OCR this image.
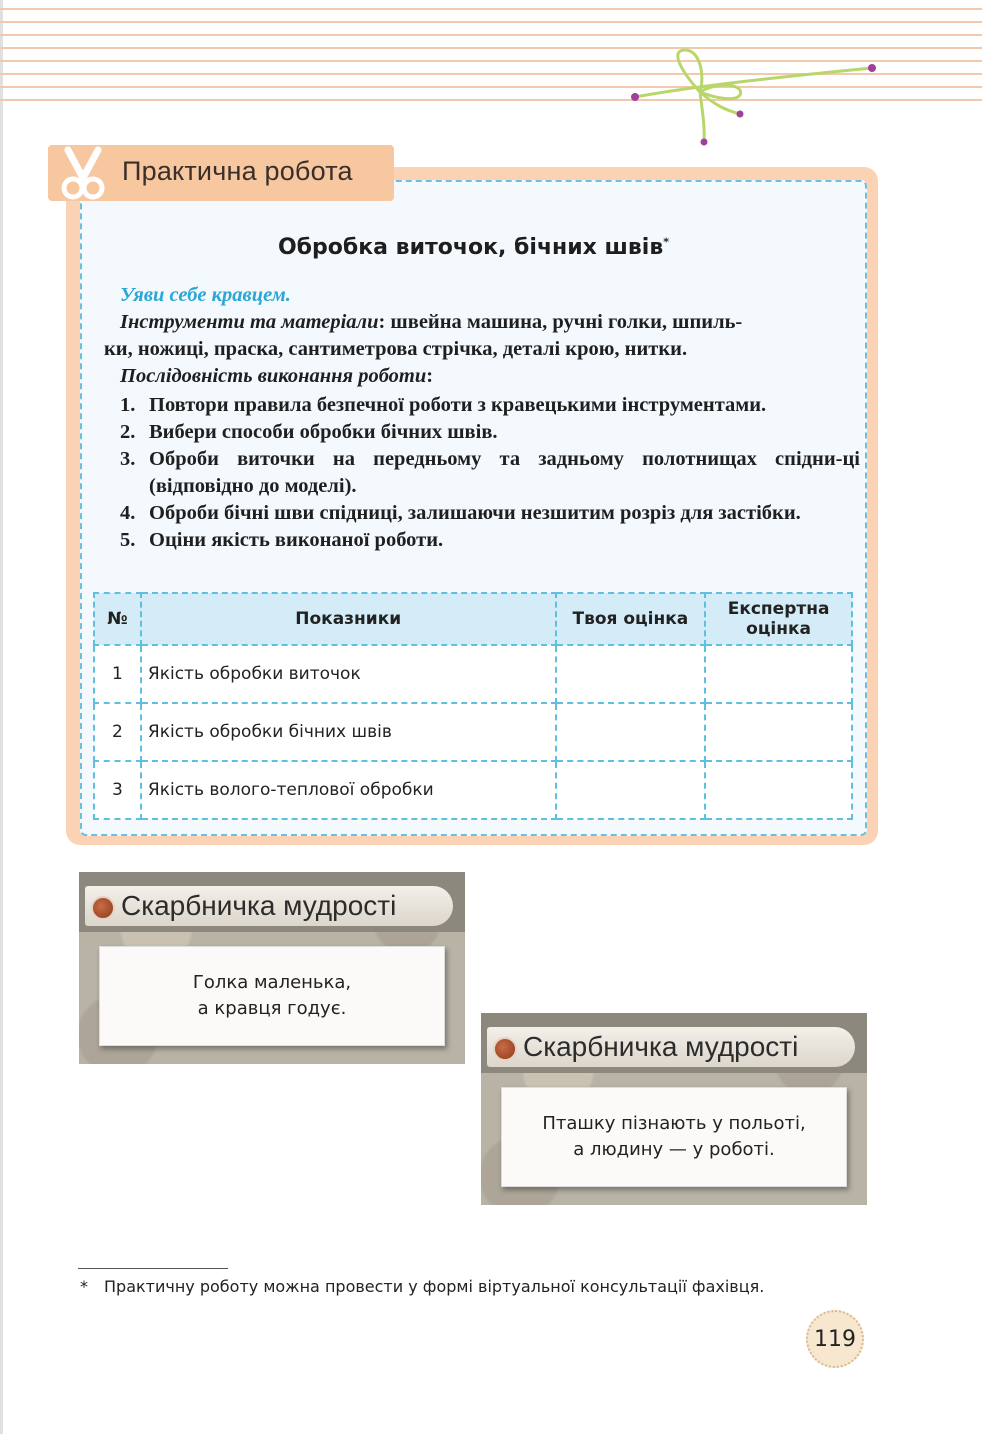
Практична робота
Обробка виточок, бічних швів*
Уяви себе кравцем.
Інструменти та матеріали: швейна машина, ручні голки, шпиль-
ки, ножиці, праска, сантиметрова стрічка, деталі крою, нитки.
Послідовність виконання роботи:
1. Повтори правила безпечної роботи з кравецькими інструментами.
2. Вибери способи обробки бічних швів.
3. Оброби виточки на передньому та задньому полотнищах спідни-ці (відповідно до моделі).
4. Оброби бічні шви спідниці, залишаючи незшитим розріз для застібки.
5. Оціни якість виконаної роботи.
№	Показники	Твоя оцінка	Експертна оцінка
1	Якість обробки виточок		
2	Якість обробки бічних швів		
3	Якість волого-теплової обробки		
Скарбничка мудрості
Голка маленька,
а кравця годує.
Скарбничка мудрості
Пташку пізнають у польоті,
а людину — у роботі.
* Практичну роботу можна провести у формі віртуальної консультації фахівця.
119
